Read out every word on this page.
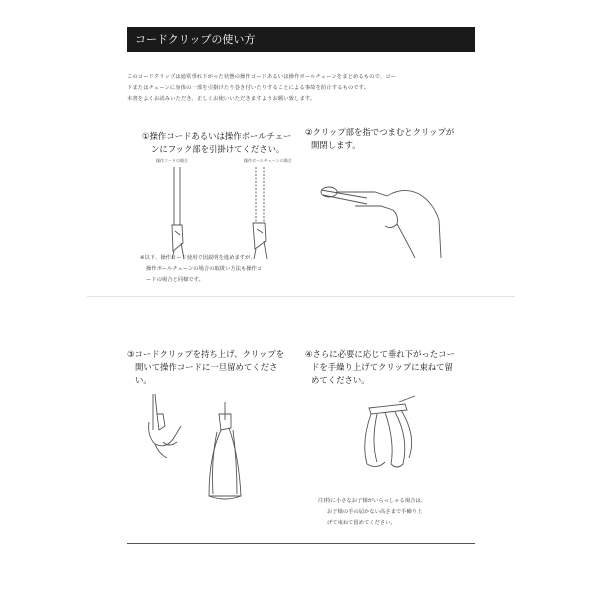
コードクリップの使い方

このコードクリップは通常垂れ下がった状態の操作コードあるいは操作ボールチェーンをまとめるもので、コー

ドまたはチェーンに身体の一部を引掛けたり巻き付いたりすることによる事故を防止するものです。

本書をよくお読みいただき、正しくお使いいただきますようお願い致します。

①操作コードあるいは操作ボールチェー

ンにフック部を引掛けてください。

操作コードの場合	操作ボールチェーンの場合

※以下、操作コード使用で図説明を進めますが、

操作ボールチェーンの場合の取扱い方法も操作コ

ードの場合と同様です。

②クリップ部を指でつまむとクリップが

開閉します。

③コードクリップを持ち上げ、クリップを

開いて操作コードに一旦留めてくださ

い。

④さらに必要に応じて垂れ下がったコー

ドを手繰り上げてクリップに束ねて留

めてください。

注)特に小さなお子様がいらっしゃる場合は、

お子様の手の届かない高さまで手繰り上

げて束ねて留めてください。
